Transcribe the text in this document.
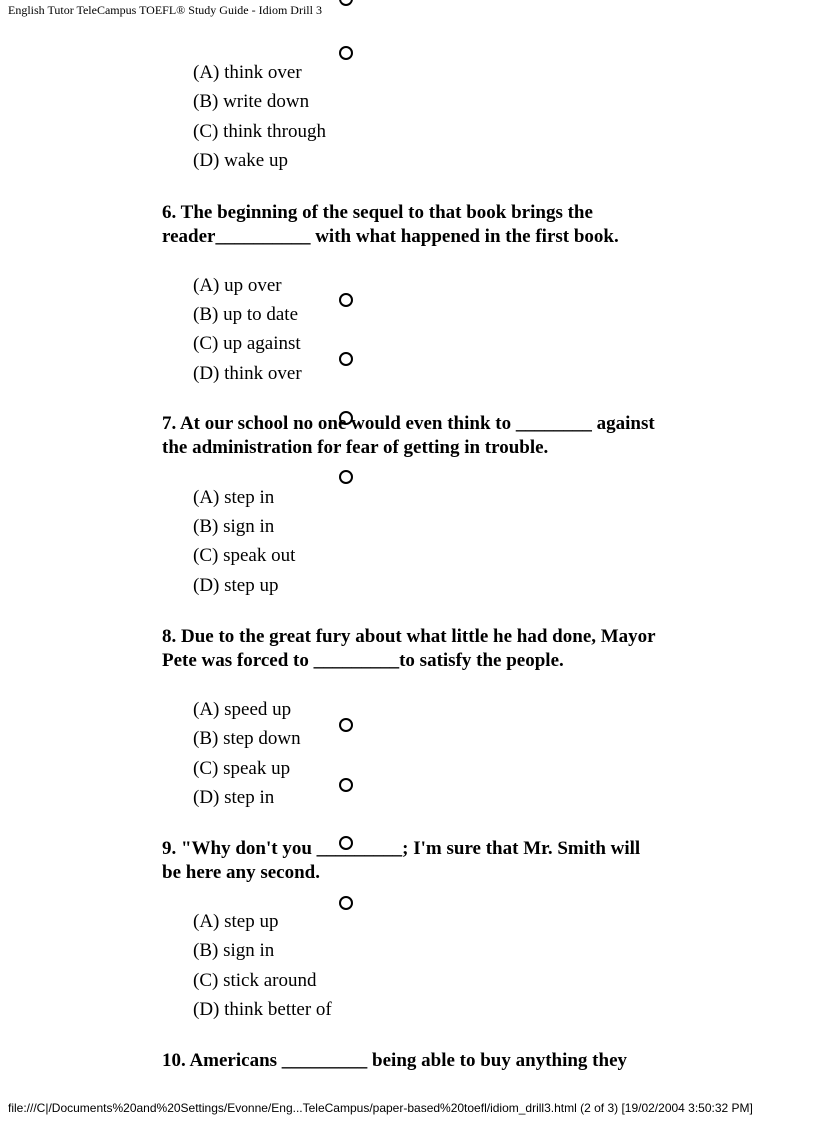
English Tutor TeleCampus TOEFL® Study Guide - Idiom Drill 3
(A) think over
(B) write down
(C) think through
(D) wake up
6. The beginning of the sequel to that book brings the
reader__________ with what happened in the first book.
(A) up over
(B) up to date
(C) up against
(D) think over
7. At our school no one would even think to ________ against
the administration for fear of getting in trouble.
(A) step in
(B) sign in
(C) speak out
(D) step up
8. Due to the great fury about what little he had done, Mayor
Pete was forced to _________to satisfy the people.
(A) speed up
(B) step down
(C) speak up
(D) step in
9. "Why don't you _________; I'm sure that Mr. Smith will
be here any second.
(A) step up
(B) sign in
(C) stick around
(D) think better of
10. Americans _________ being able to buy anything they
file:///C|/Documents%20and%20Settings/Evonne/Eng...TeleCampus/paper-based%20toefl/idiom_drill3.html (2 of 3) [19/02/2004 3:50:32 PM]
